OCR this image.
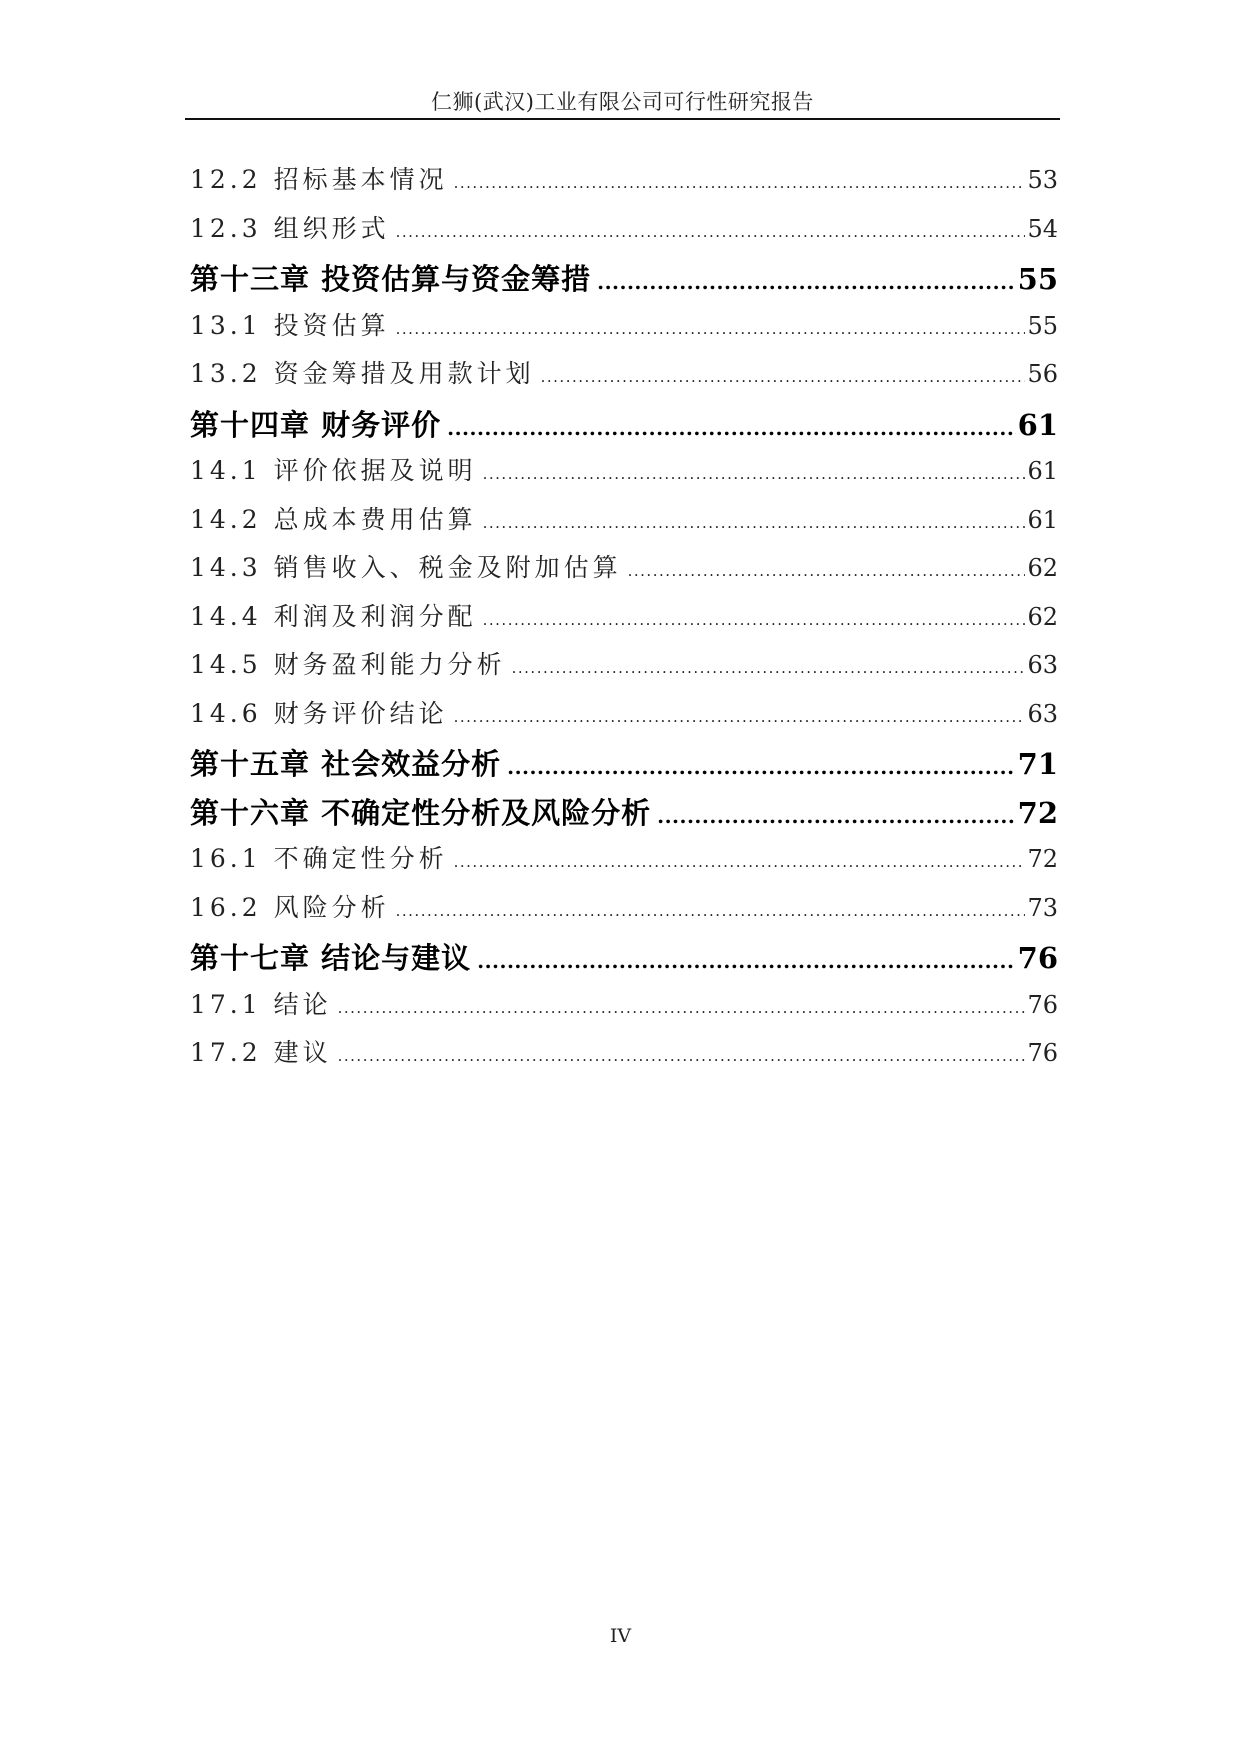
仁狮(武汉)工业有限公司可行性研究报告
12.2 招标基本情况 .....	53
12.3 组织形式 .....	54
第十三章 投资估算与资金筹措 .....	55
13.1 投资估算 .....	55
13.2 资金筹措及用款计划 .....	56
第十四章 财务评价 .....	61
14.1 评价依据及说明 .....	61
14.2 总成本费用估算 .....	61
14.3 销售收入、税金及附加估算 .....	62
14.4 利润及利润分配 .....	62
14.5 财务盈利能力分析 .....	63
14.6 财务评价结论 .....	63
第十五章 社会效益分析 .....	71
第十六章 不确定性分析及风险分析 .....	72
16.1 不确定性分析 .....	72
16.2 风险分析 .....	73
第十七章 结论与建议 .....	76
17.1 结论 .....	76
17.2 建议 .....	76
IV
